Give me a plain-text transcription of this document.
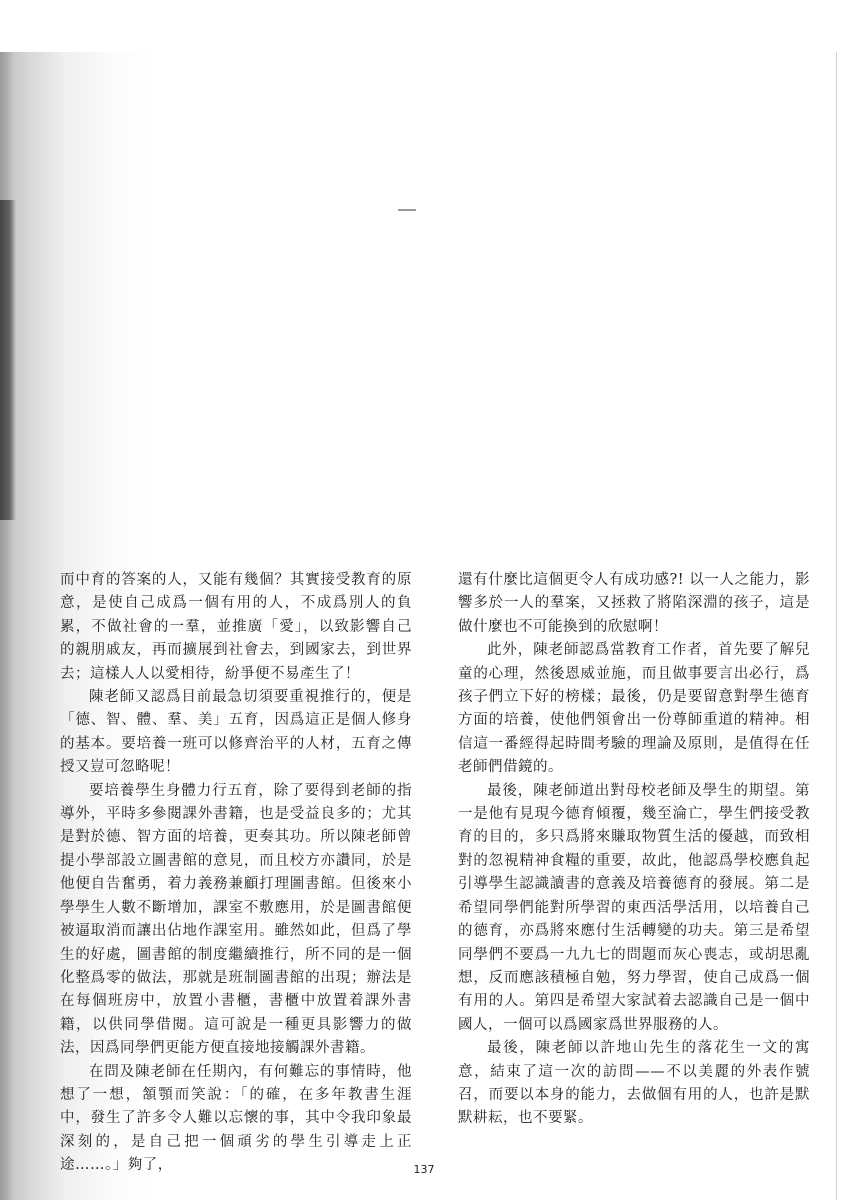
而中育的答案的人，又能有幾個？其實接受教育的原意，是使自己成爲一個有用的人，不成爲別人的負累，不做社會的一羣，並推廣「愛」，以致影響自己的親朋戚友，再而擴展到社會去，到國家去，到世界去；這樣人人以愛相待，紛爭便不易產生了！

陳老師又認爲目前最急切須要重視推行的，便是「德、智、體、羣、美」五育，因爲這正是個人修身的基本。要培養一班可以修齊治平的人材，五育之傳授又豈可忽略呢！

要培養學生身體力行五育，除了要得到老師的指導外，平時多參閱課外書籍，也是受益良多的；尤其是對於德、智方面的培養，更奏其功。所以陳老師曾提小學部設立圖書館的意見，而且校方亦讚同，於是他便自告奮勇，着力義務兼顧打理圖書館。但後來小學學生人數不斷增加，課室不敷應用，於是圖書館便被逼取消而讓出佔地作課室用。雖然如此，但爲了學生的好處，圖書館的制度繼續推行，所不同的是一個化整爲零的做法，那就是班制圖書館的出現；辦法是在每個班房中，放置小書櫃，書櫃中放置着課外書籍，以供同學借閱。這可說是一種更具影響力的做法，因爲同學們更能方便直接地接觸課外書籍。

在問及陳老師在任期內，有何難忘的事情時，他想了一想，頷顎而笑說：「的確，在多年教書生涯中，發生了許多令人難以忘懷的事，其中令我印象最深刻的，是自己把一個頑劣的學生引導走上正途……。」夠了，

還有什麼比這個更令人有成功感?! 以一人之能力，影響多於一人的羣案，又拯救了將陷深淵的孩子，這是做什麼也不可能換到的欣慰啊！

此外，陳老師認爲當教育工作者，首先要了解兒童的心理，然後恩威並施，而且做事要言出必行，爲孩子們立下好的榜樣；最後，仍是要留意對學生德育方面的培養，使他們領會出一份尊師重道的精神。相信這一番經得起時間考驗的理論及原則，是值得在任老師們借鏡的。

最後，陳老師道出對母校老師及學生的期望。第一是他有見現今德育傾覆，幾至淪亡，學生們接受教育的目的，多只爲將來賺取物質生活的優越，而致相對的忽視精神食糧的重要，故此，他認爲學校應負起引導學生認識讀書的意義及培養德育的發展。第二是希望同學們能對所學習的東西活學活用，以培養自己的德育，亦爲將來應付生活轉變的功夫。第三是希望同學們不要爲一九九七的問題而灰心喪志，或胡思亂想，反而應該積極自勉，努力學習，使自己成爲一個有用的人。第四是希望大家試着去認識自己是一個中國人，一個可以爲國家爲世界服務的人。

最後，陳老師以許地山先生的落花生一文的寓意，結束了這一次的訪問——不以美麗的外表作號召，而要以本身的能力，去做個有用的人，也許是默默耕耘，也不要緊。

137
